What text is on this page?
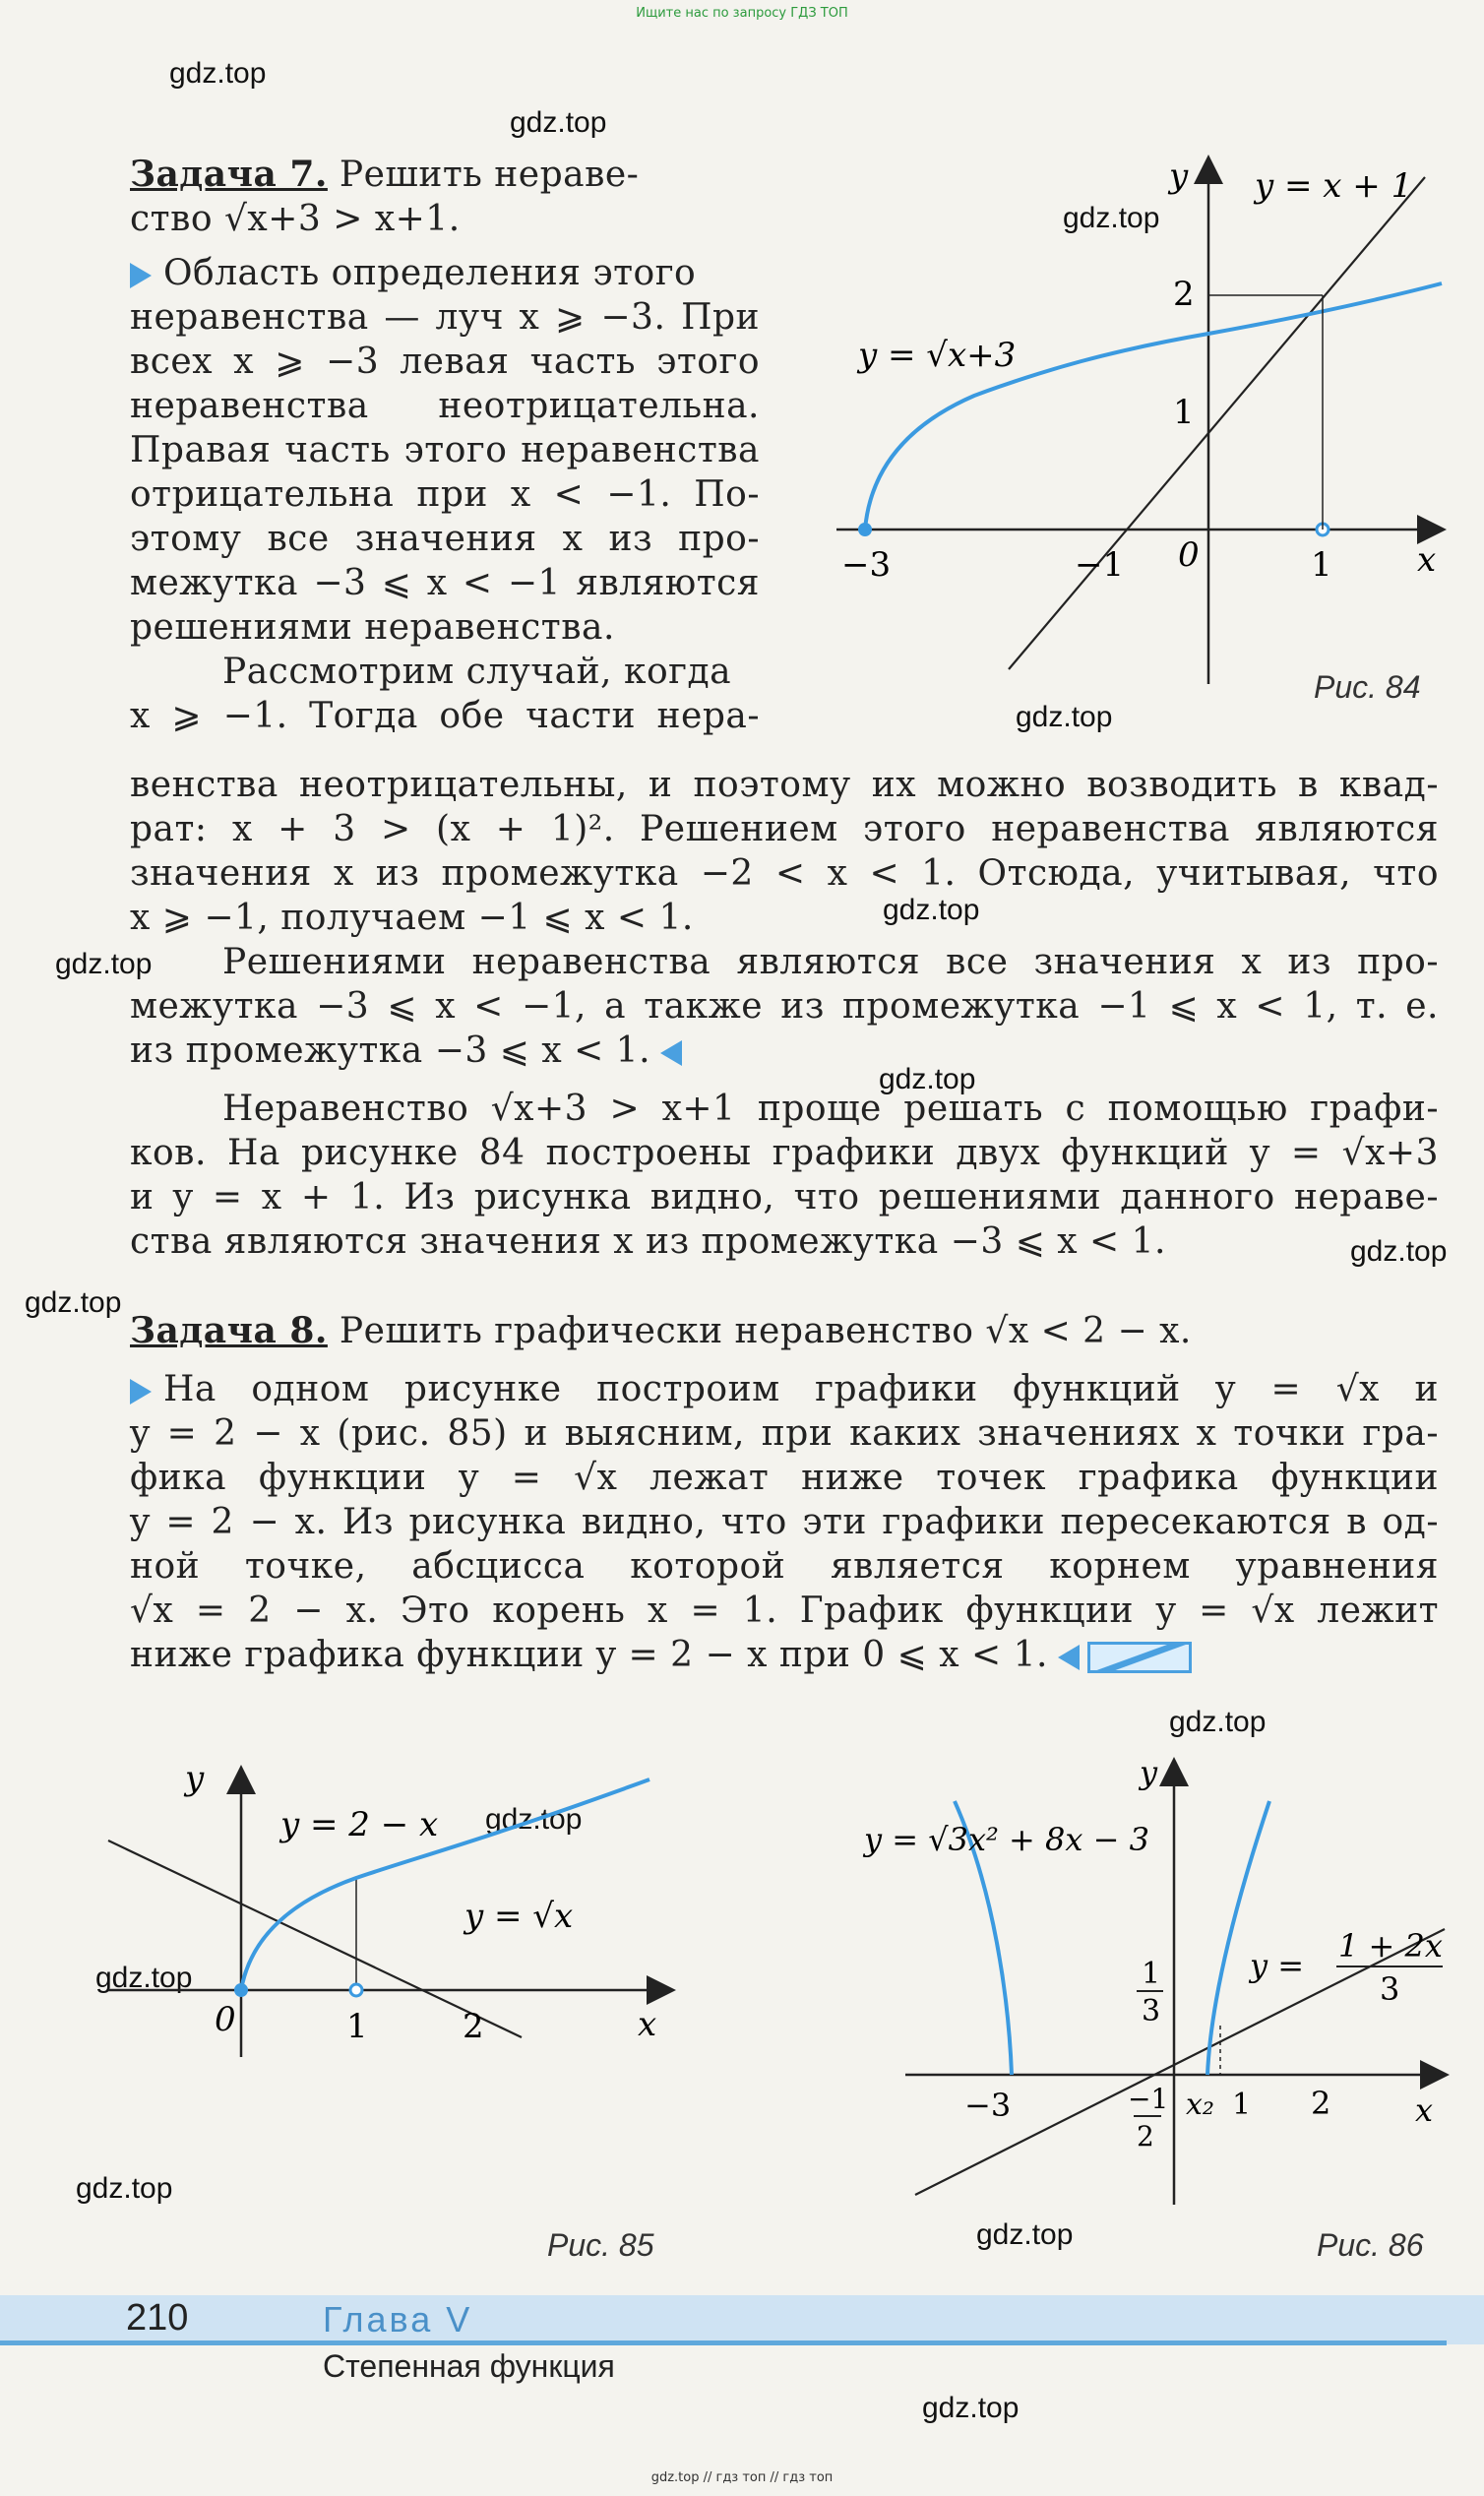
Ищите нас по запросу ГДЗ ТОП
gdz.top
gdz.top
gdz.top
gdz.top
gdz.top
gdz.top
gdz.top
gdz.top
gdz.top
gdz.top
gdz.top
gdz.top
gdz.top
gdz.top
gdz.top
Задача 7. Решить нераве-
ство √x+3 > x+1.
Область определения этого
неравенства — луч x ⩾ −3. При
всех x ⩾ −3 левая часть этого
неравенства неотрицательна.
Правая часть этого неравенства
отрицательна при x < −1. По-
этому все значения x из про-
межутка −3 ⩽ x < −1 являются
решениями неравенства.
Рассмотрим случай, когда
x ⩾ −1. Тогда обе части нера-
венства неотрицательны, и поэтому их можно возводить в квад-
рат: x + 3 > (x + 1)². Решением этого неравенства являются
значения x из промежутка −2 < x < 1. Отсюда, учитывая, что
x ⩾ −1, получаем −1 ⩽ x < 1.
Решениями неравенства являются все значения x из про-
межутка −3 ⩽ x < −1, а также из промежутка −1 ⩽ x < 1, т. е.
из промежутка −3 ⩽ x < 1.
Неравенство √x+3 > x+1 проще решать с помощью графи-
ков. На рисунке 84 построены графики двух функций y = √x+3
и y = x + 1. Из рисунка видно, что решениями данного нераве-
ства являются значения x из промежутка −3 ⩽ x < 1.
Задача 8. Решить графически неравенство √x < 2 − x.
На одном рисунке построим графики функций y = √x и
y = 2 − x (рис. 85) и выясним, при каких значениях x точки гра-
фика функции y = √x лежат ниже точек графика функции
y = 2 − x. Из рисунка видно, что эти графики пересекаются в од-
ной точке, абсцисса которой является корнем уравнения
√x = 2 − x. Это корень x = 1. График функции y = √x лежит
ниже графика функции y = 2 − x при 0 ⩽ x < 1.
y = x + 1
y = √x+3
−3	−1 0	1
1
2
x
y
Рис. 84
y = 2 − x
y = √x
0	1	2	x
y
Рис. 85
y = √3x² + 8x − 3
y =
1 + 2x
3
1
3
−3	−1
2
x₂ 1 2	x
y
Рис. 86
210	Глава V
Степенная функция
gdz.top // гдз топ // гдз топ
